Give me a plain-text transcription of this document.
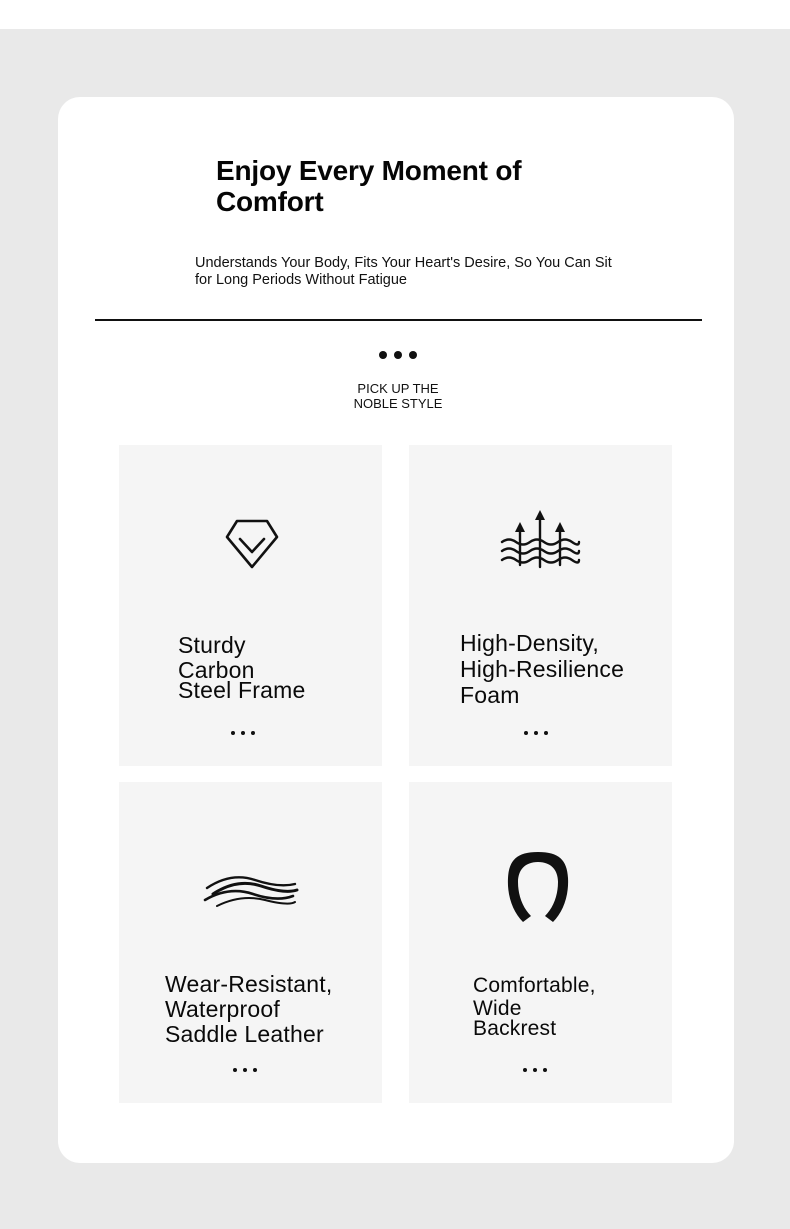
Enjoy Every Moment of Comfort

Understands Your Body, Fits Your Heart's Desire, So You Can Sit for Long Periods Without Fatigue

PICK UP THE
NOBLE STYLE
Sturdy
Carbon
Steel Frame
High-Density,
High-Resilience
Foam
Wear-Resistant,
Waterproof
Saddle Leather
Comfortable,
Wide
Backrest
